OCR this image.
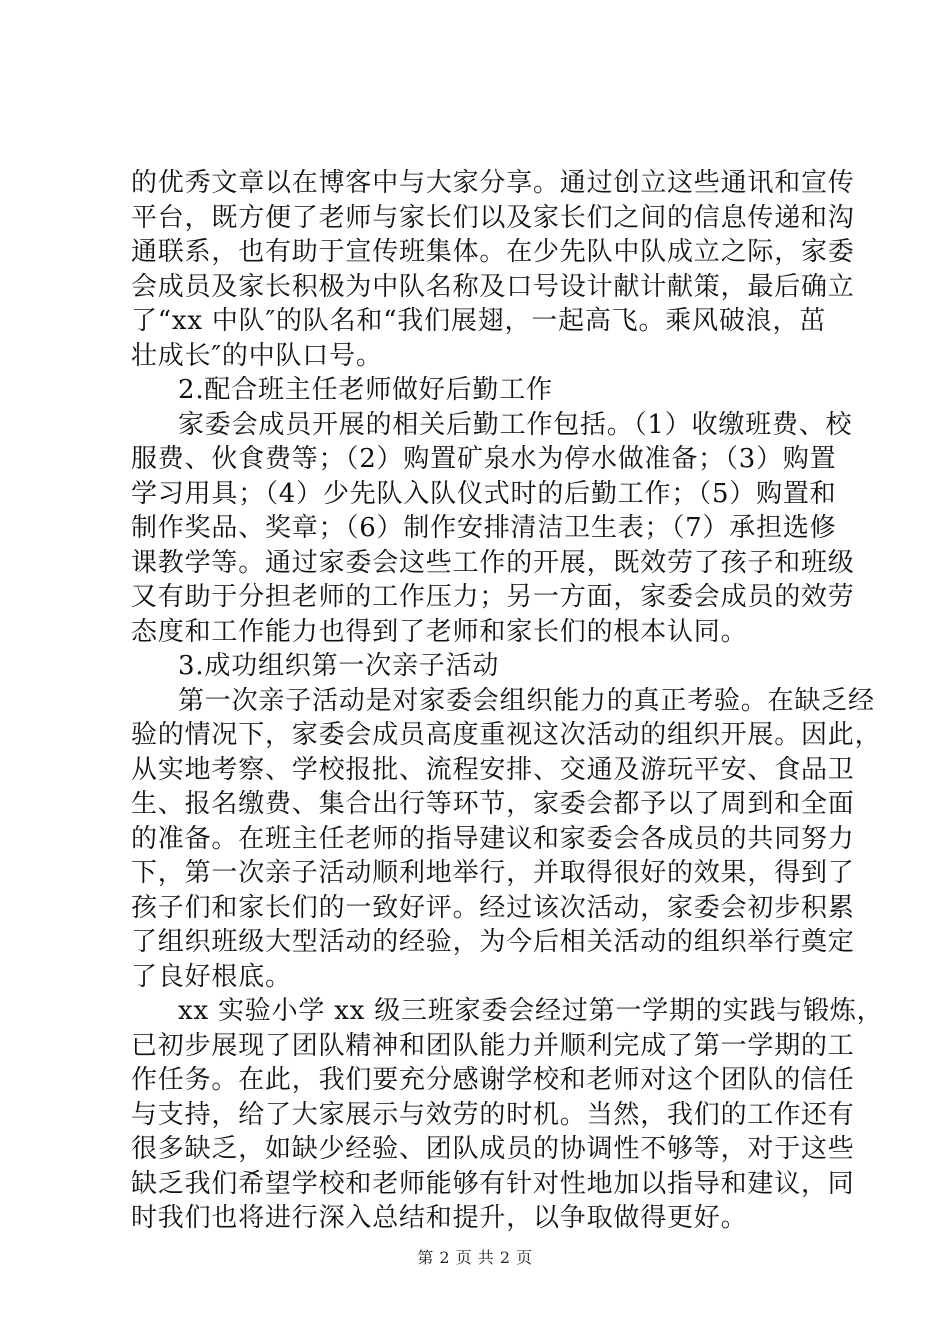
的优秀文章以在博客中与大家分享。通过创立这些通讯和宣传
平台，既方便了老师与家长们以及家长们之间的信息传递和沟
通联系，也有助于宣传班集体。在少先队中队成立之际，家委
会成员及家长积极为中队名称及口号设计献计献策，最后确立
了“xx 中队″的队名和“我们展翅，一起高飞。乘风破浪，茁
壮成长″的中队口号。
2.配合班主任老师做好后勤工作
家委会成员开展的相关后勤工作包括。（1）收缴班费、校
服费、伙食费等；（2）购置矿泉水为停水做准备；（3）购置
学习用具；（4）少先队入队仪式时的后勤工作；（5）购置和
制作奖品、奖章；（6）制作安排清洁卫生表；（7）承担选修
课教学等。通过家委会这些工作的开展，既效劳了孩子和班级
又有助于分担老师的工作压力；另一方面，家委会成员的效劳
态度和工作能力也得到了老师和家长们的根本认同。
3.成功组织第一次亲子活动
第一次亲子活动是对家委会组织能力的真正考验。在缺乏经
验的情况下，家委会成员高度重视这次活动的组织开展。因此，
从实地考察、学校报批、流程安排、交通及游玩平安、食品卫
生、报名缴费、集合出行等环节，家委会都予以了周到和全面
的准备。在班主任老师的指导建议和家委会各成员的共同努力
下，第一次亲子活动顺利地举行，并取得很好的效果，得到了
孩子们和家长们的一致好评。经过该次活动，家委会初步积累
了组织班级大型活动的经验，为今后相关活动的组织举行奠定
了良好根底。
xx 实验小学 xx 级三班家委会经过第一学期的实践与锻炼，
已初步展现了团队精神和团队能力并顺利完成了第一学期的工
作任务。在此，我们要充分感谢学校和老师对这个团队的信任
与支持，给了大家展示与效劳的时机。当然，我们的工作还有
很多缺乏，如缺少经验、团队成员的协调性不够等，对于这些
缺乏我们希望学校和老师能够有针对性地加以指导和建议，同
时我们也将进行深入总结和提升，以争取做得更好。
第 2 页 共 2 页
